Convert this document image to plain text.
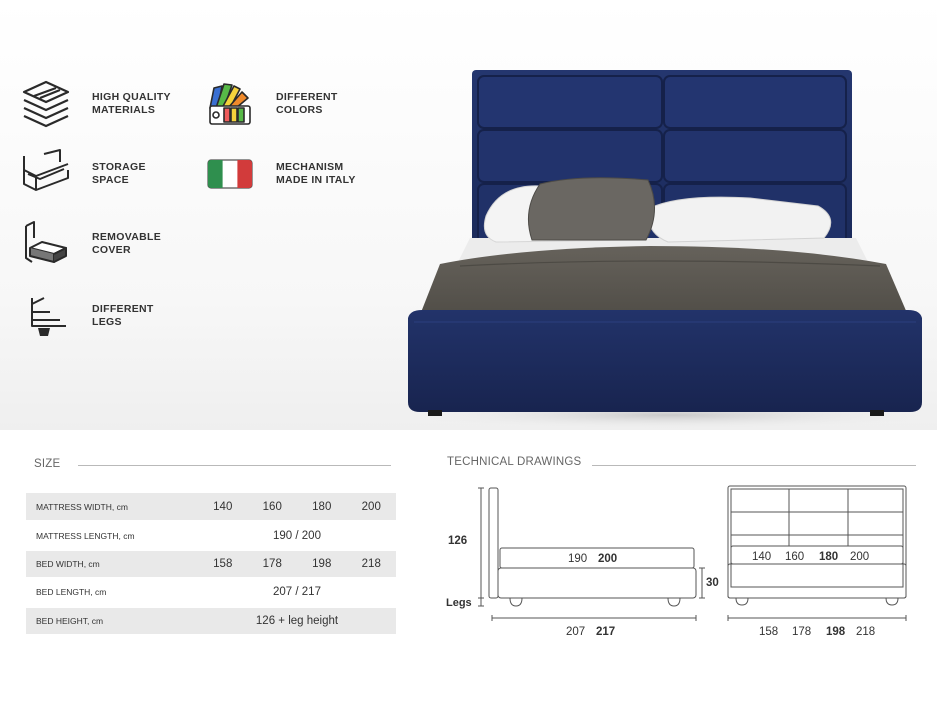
HIGH QUALITY
MATERIALS
STORAGE
SPACE
REMOVABLE
COVER
DIFFERENT
LEGS
DIFFERENT
COLORS
MECHANISM
MADE IN ITALY
SIZE
MATTRESS WIDTH, cm	140	160	180	200
MATTRESS LENGTH, cm	190 / 200			
BED WIDTH, cm	158	178	198	218
BED LENGTH, cm	207 / 217			
BED HEIGHT, cm	126 + leg height			
TECHNICAL DRAWINGS
126
Legs
190 200
30
207 217
140 160 180 200
158 178 198 218
